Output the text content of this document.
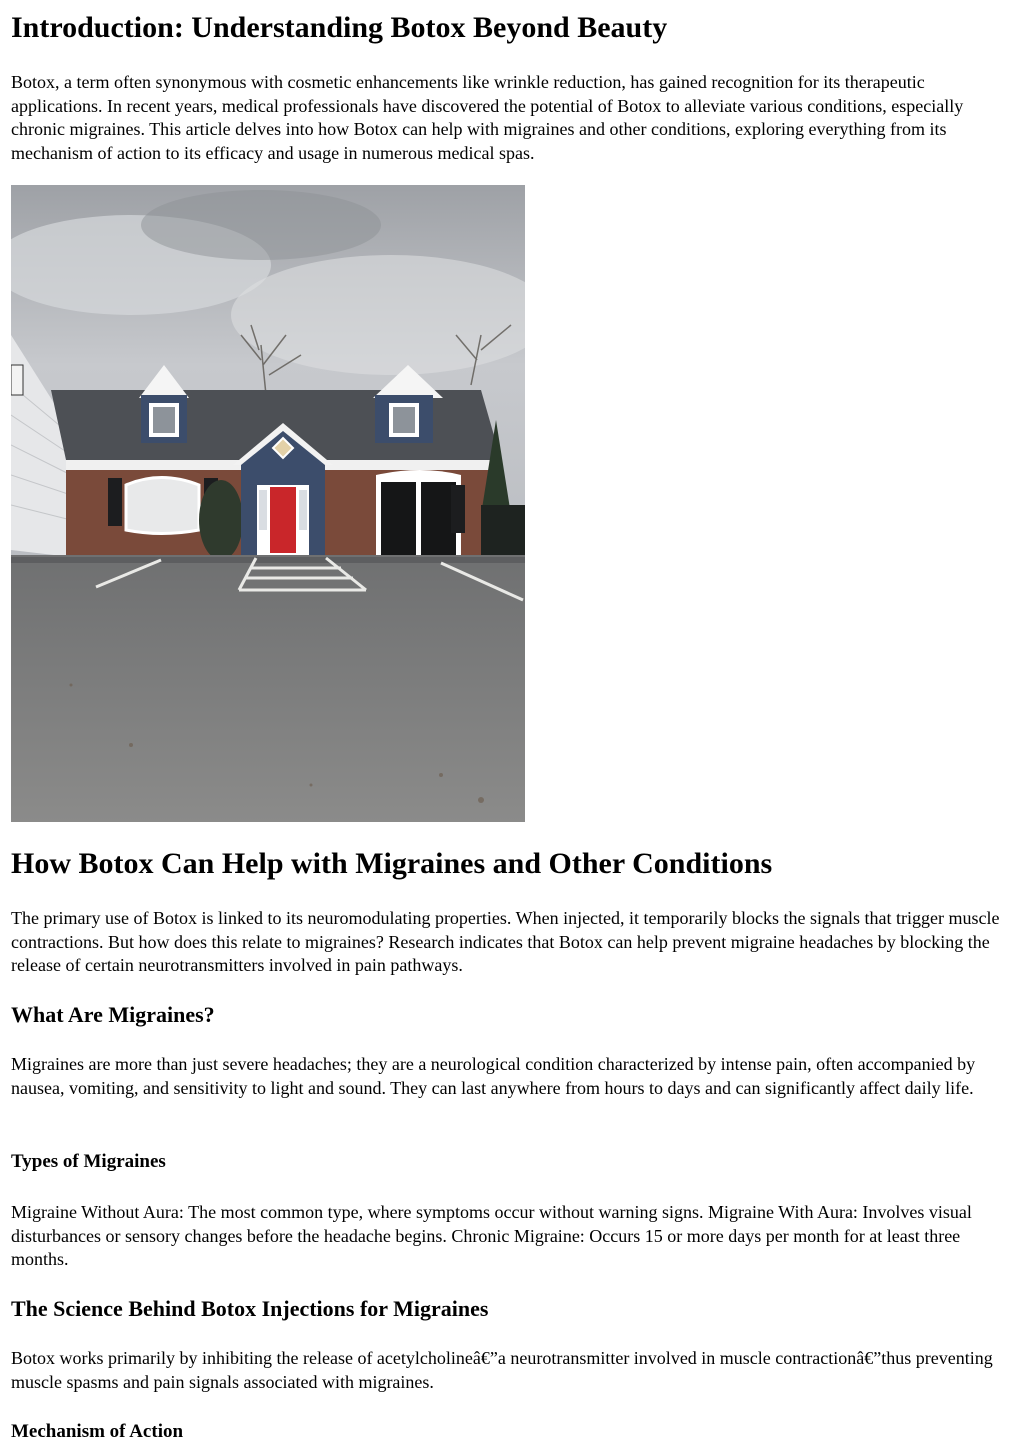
Introduction: Understanding Botox Beyond Beauty

Botox, a term often synonymous with cosmetic enhancements like wrinkle reduction, has gained recognition for its therapeutic applications. In recent years, medical professionals have discovered the potential of Botox to alleviate various conditions, especially chronic migraines. This article delves into how Botox can help with migraines and other conditions, exploring everything from its mechanism of action to its efficacy and usage in numerous medical spas.

How Botox Can Help with Migraines and Other Conditions

The primary use of Botox is linked to its neuromodulating properties. When injected, it temporarily blocks the signals that trigger muscle contractions. But how does this relate to migraines? Research indicates that Botox can help prevent migraine headaches by blocking the release of certain neurotransmitters involved in pain pathways.

What Are Migraines?

Migraines are more than just severe headaches; they are a neurological condition characterized by intense pain, often accompanied by nausea, vomiting, and sensitivity to light and sound. They can last anywhere from hours to days and can significantly affect daily life.

Types of Migraines

Migraine Without Aura: The most common type, where symptoms occur without warning signs. Migraine With Aura: Involves visual disturbances or sensory changes before the headache begins. Chronic Migraine: Occurs 15 or more days per month for at least three months.

The Science Behind Botox Injections for Migraines

Botox works primarily by inhibiting the release of acetylcholineâ€”a neurotransmitter involved in muscle contractionâ€”thus preventing muscle spasms and pain signals associated with migraines.

Mechanism of Action
